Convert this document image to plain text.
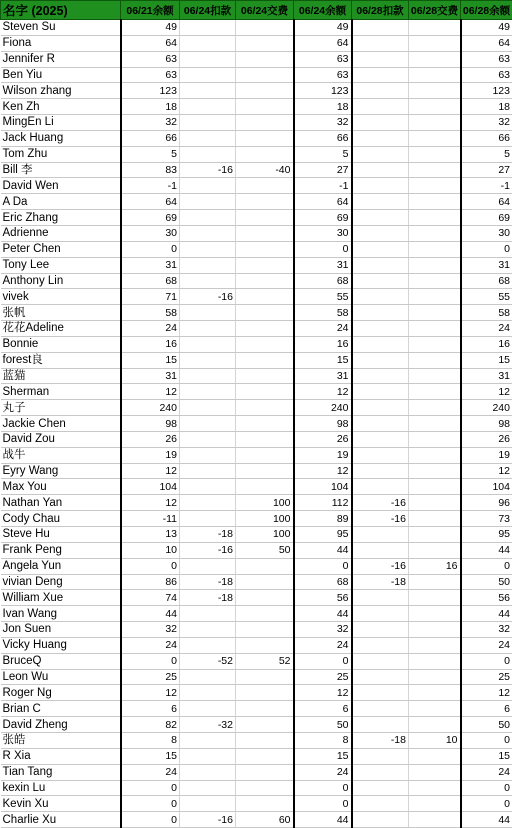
名字 (2025)	06/21余额	06/24扣款	06/24交费	06/24余额	06/28扣款	06/28交费	06/28余额
Steven Su	49			49			49
Fiona	64			64			64
Jennifer R	63			63			63
Ben Yiu	63			63			63
Wilson zhang	123			123			123
Ken Zh	18			18			18
MingEn Li	32			32			32
Jack Huang	66			66			66
Tom Zhu	5			5			5
Bill 李	83	-16	-40	27			27
David Wen	-1			-1			-1
A Da	64			64			64
Eric Zhang	69			69			69
Adrienne	30			30			30
Peter Chen	0			0			0
Tony Lee	31			31			31
Anthony Lin	68			68			68
vivek	71	-16		55			55
张帆	58			58			58
花花Adeline	24			24			24
Bonnie	16			16			16
forest良	15			15			15
蓝猫	31			31			31
Sherman	12			12			12
丸子	240			240			240
Jackie Chen	98			98			98
David Zou	26			26			26
战牛	19			19			19
Eyry Wang	12			12			12
Max You	104			104			104
Nathan Yan	12		100	112	-16		96
Cody Chau	-11		100	89	-16		73
Steve Hu	13	-18	100	95			95
Frank Peng	10	-16	50	44			44
Angela Yun	0			0	-16	16	0
vivian Deng	86	-18		68	-18		50
William Xue	74	-18		56			56
Ivan Wang	44			44			44
Jon Suen	32			32			32
Vicky Huang	24			24			24
BruceQ	0	-52	52	0			0
Leon Wu	25			25			25
Roger Ng	12			12			12
Brian C	6			6			6
David Zheng	82	-32		50			50
张皓	8			8	-18	10	0
R Xia	15			15			15
Tian Tang	24			24			24
kexin Lu	0			0			0
Kevin Xu	0			0			0
Charlie Xu	0	-16	60	44			44
